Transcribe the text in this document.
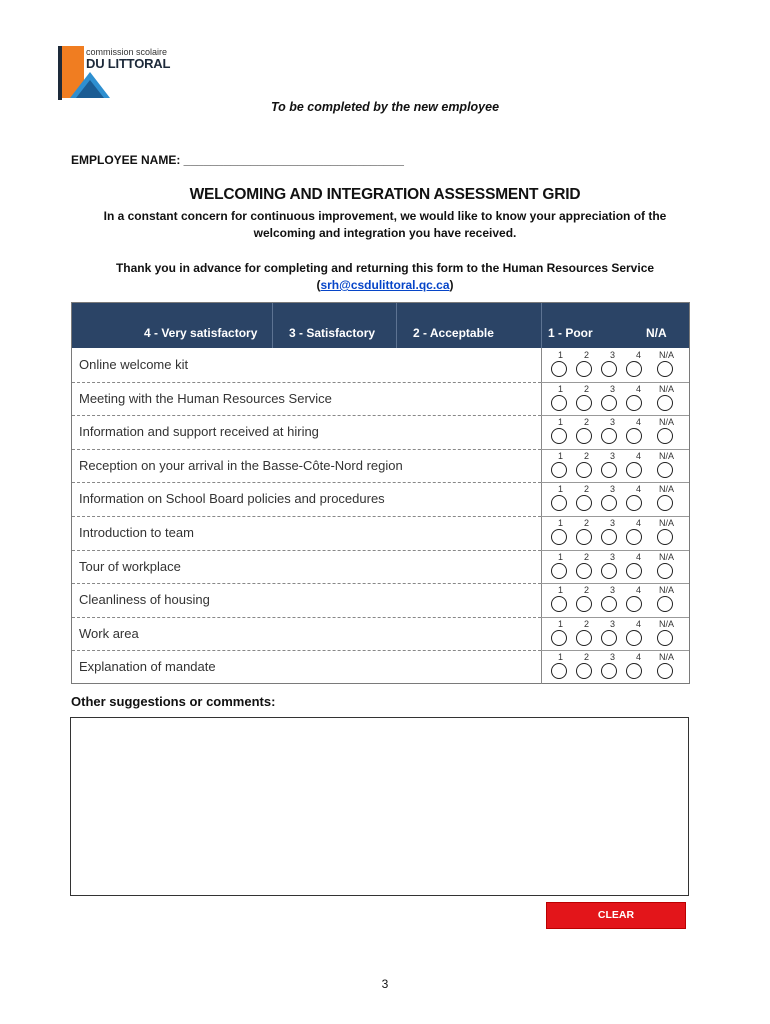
commission scolaire
DU LITTORAL
To be completed by the new employee
EMPLOYEE NAME: _________________________________
WELCOMING AND INTEGRATION ASSESSMENT GRID
In a constant concern for continuous improvement, we would like to know your appreciation of the
welcoming and integration you have received.
Thank you in advance for completing and returning this form to the Human Resources Service
(srh@csdulittoral.qc.ca)
4 - Very satisfactory	3 - Satisfactory	2 - Acceptable	1 - Poor	N/A
Online welcome kit
1 2 3 4 N/A
Meeting with the Human Resources Service
1 2 3 4 N/A
Information and support received at hiring
1 2 3 4 N/A
Reception on your arrival in the Basse-Côte-Nord region
1 2 3 4 N/A
Information on School Board policies and procedures
1 2 3 4 N/A
Introduction to team
1 2 3 4 N/A
Tour of workplace
1 2 3 4 N/A
Cleanliness of housing
1 2 3 4 N/A
Work area
1 2 3 4 N/A
Explanation of mandate
1 2 3 4 N/A
Other suggestions or comments:
CLEAR
3
